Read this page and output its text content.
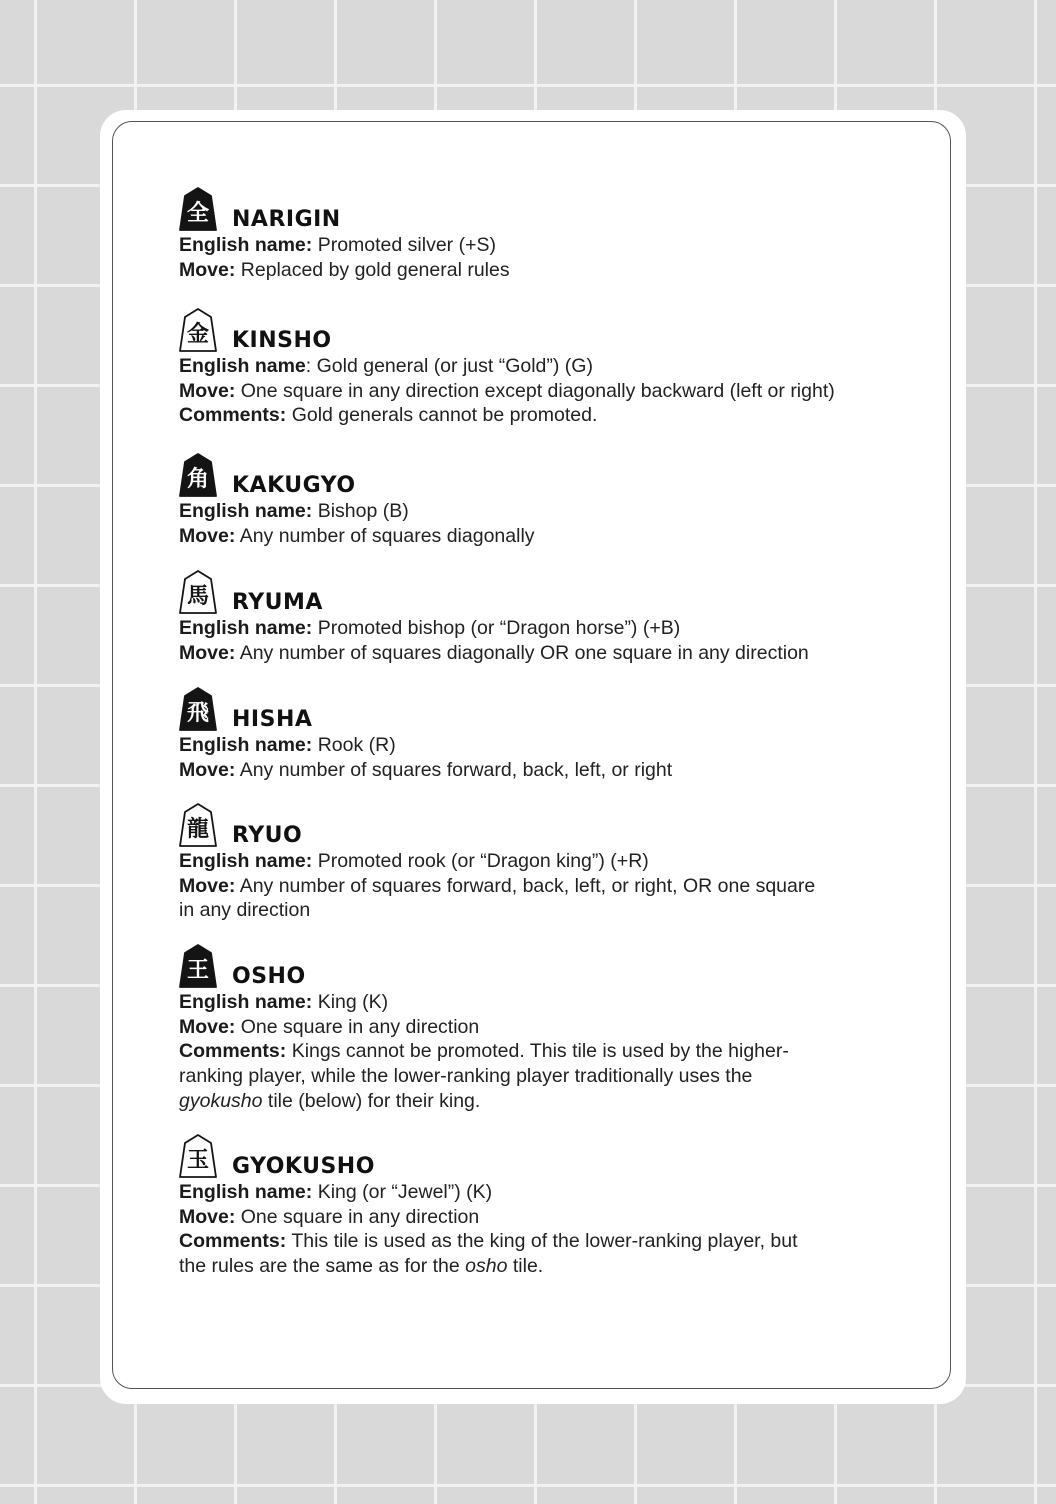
全	NARIGIN
English name: Promoted silver (+S)
Move: Replaced by gold general rules
金	KINSHO
English name: Gold general (or just “Gold”) (G)
Move: One square in any direction except diagonally backward (left or right)
Comments: Gold generals cannot be promoted.
角	KAKUGYO
English name: Bishop (B)
Move: Any number of squares diagonally
馬	RYUMA
English name: Promoted bishop (or “Dragon horse”) (+B)
Move: Any number of squares diagonally OR one square in any direction
飛	HISHA
English name: Rook (R)
Move: Any number of squares forward, back, left, or right
龍	RYUO
English name: Promoted rook (or “Dragon king”) (+R)
Move: Any number of squares forward, back, left, or right, OR one square
in any direction
王	OSHO
English name: King (K)
Move: One square in any direction
Comments: Kings cannot be promoted. This tile is used by the higher-
ranking player, while the lower-ranking player traditionally uses the
gyokusho tile (below) for their king.
玉	GYOKUSHO
English name: King (or “Jewel”) (K)
Move: One square in any direction
Comments: This tile is used as the king of the lower-ranking player, but
the rules are the same as for the osho tile.
